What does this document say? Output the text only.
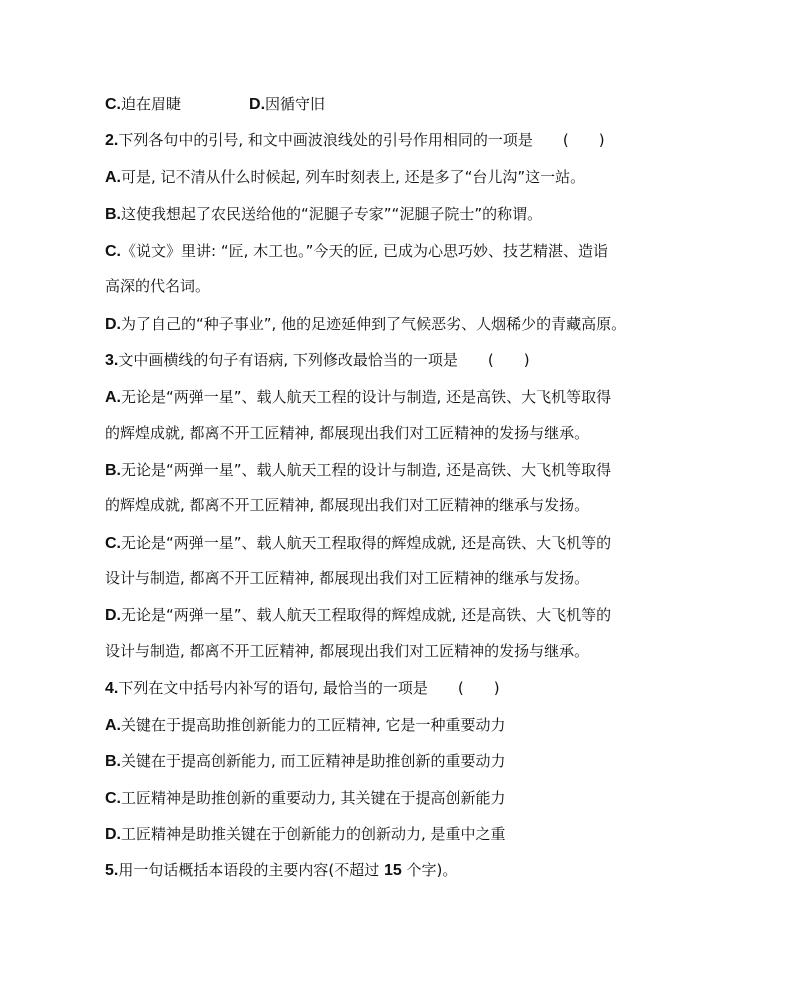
C.迫在眉睫	D.因循守旧
2.下列各句中的引号, 和文中画波浪线处的引号作用相同的一项是 (　　)
A.可是, 记不清从什么时候起, 列车时刻表上, 还是多了“台儿沟”这一站。
B.这使我想起了农民送给他的“泥腿子专家”“泥腿子院士”的称谓。
C.《说文》里讲: “匠, 木工也。”今天的匠, 已成为心思巧妙、技艺精湛、造诣
高深的代名词。
D.为了自己的“种子事业”, 他的足迹延伸到了气候恶劣、人烟稀少的青藏高原。
3.文中画横线的句子有语病, 下列修改最恰当的一项是 (　　)
A.无论是“两弹一星”、载人航天工程的设计与制造, 还是高铁、大飞机等取得
的辉煌成就, 都离不开工匠精神, 都展现出我们对工匠精神的发扬与继承。
B.无论是“两弹一星”、载人航天工程的设计与制造, 还是高铁、大飞机等取得
的辉煌成就, 都离不开工匠精神, 都展现出我们对工匠精神的继承与发扬。
C.无论是“两弹一星”、载人航天工程取得的辉煌成就, 还是高铁、大飞机等的
设计与制造, 都离不开工匠精神, 都展现出我们对工匠精神的继承与发扬。
D.无论是“两弹一星”、载人航天工程取得的辉煌成就, 还是高铁、大飞机等的
设计与制造, 都离不开工匠精神, 都展现出我们对工匠精神的发扬与继承。
4.下列在文中括号内补写的语句, 最恰当的一项是 (　　)
A.关键在于提高助推创新能力的工匠精神, 它是一种重要动力
B.关键在于提高创新能力, 而工匠精神是助推创新的重要动力
C.工匠精神是助推创新的重要动力, 其关键在于提高创新能力
D.工匠精神是助推关键在于创新能力的创新动力, 是重中之重
5.用一句话概括本语段的主要内容(不超过 15 个字)。
